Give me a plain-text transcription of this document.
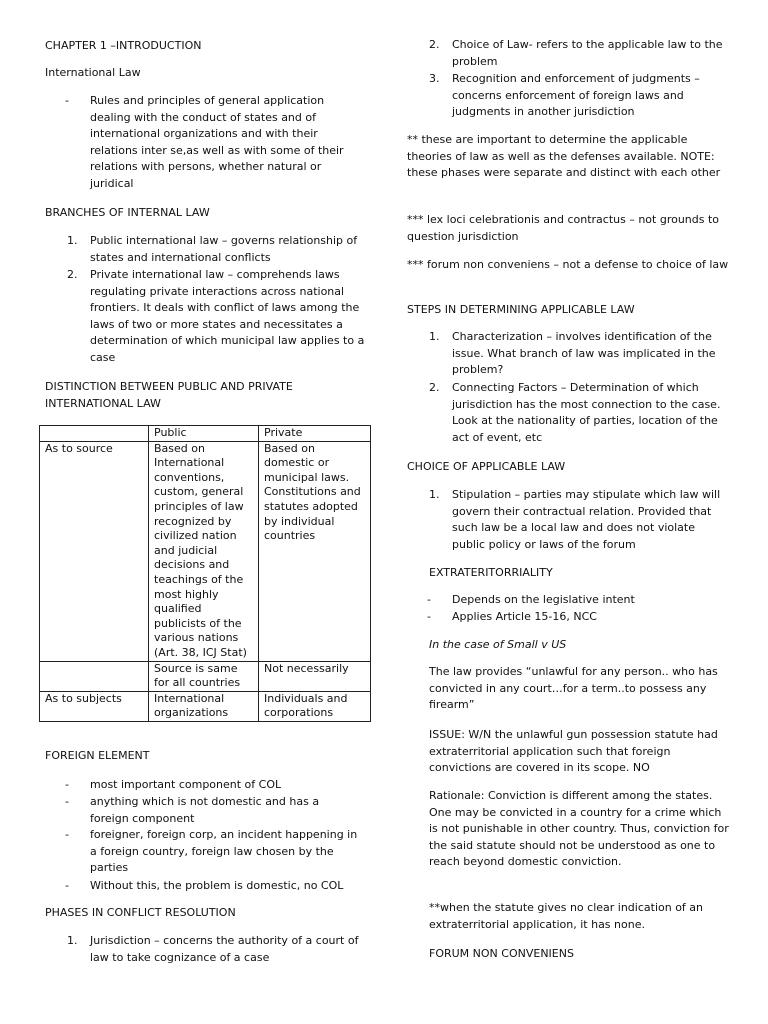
CHAPTER 1 –INTRODUCTION
International Law
- Rules and principles of general application dealing with the conduct of states and of international organizations and with their relations inter se,as well as with some of their relations with persons, whether natural or juridical
BRANCHES OF INTERNAL LAW
1. Public international law – governs relationship of states and international conflicts
2. Private international law – comprehends laws regulating private interactions across national frontiers. It deals with conflict of laws among the laws of two or more states and necessitates a determination of which municipal law applies to a case
DISTINCTION BETWEEN PUBLIC AND PRIVATE INTERNATIONAL LAW
	Public	Private
As to source	Based on International conventions, custom, general principles of law recognized by civilized nation and judicial decisions and teachings of the most highly qualified publicists of the various nations (Art. 38, ICJ Stat)	Based on domestic or municipal laws. Constitutions and statutes adopted by individual countries
	Source is same for all countries	Not necessarily
As to subjects	International organizations	Individuals and corporations
FOREIGN ELEMENT
- most important component of COL
- anything which is not domestic and has a foreign component
- foreigner, foreign corp, an incident happening in a foreign country, foreign law chosen by the parties
- Without this, the problem is domestic, no COL
PHASES IN CONFLICT RESOLUTION
1. Jurisdiction – concerns the authority of a court of law to take cognizance of a case
2. Choice of Law- refers to the applicable law to the problem
3. Recognition and enforcement of judgments – concerns enforcement of foreign laws and judgments in another jurisdiction
** these are important to determine the applicable theories of law as well as the defenses available. NOTE: these phases were separate and distinct with each other
*** lex loci celebrationis and contractus – not grounds to question jurisdiction
*** forum non conveniens – not a defense to choice of law
STEPS IN DETERMINING APPLICABLE LAW
1. Characterization – involves identification of the issue. What branch of law was implicated in the problem?
2. Connecting Factors – Determination of which jurisdiction has the most connection to the case. Look at the nationality of parties, location of the act of event, etc
CHOICE OF APPLICABLE LAW
1. Stipulation – parties may stipulate which law will govern their contractual relation. Provided that such law be a local law and does not violate public policy or laws of the forum
EXTRATERITORRIALITY
- Depends on the legislative intent
- Applies Article 15-16, NCC
In the case of Small v US
The law provides “unlawful for any person.. who has convicted in any court…for a term..to possess any firearm”
ISSUE: W/N the unlawful gun possession statute had extraterritorial application such that foreign convictions are covered in its scope. NO
Rationale: Conviction is different among the states. One may be convicted in a country for a crime which is not punishable in other country. Thus, conviction for the said statute should not be understood as one to reach beyond domestic conviction.
**when the statute gives no clear indication of an extraterritorial application, it has none.
FORUM NON CONVENIENS
